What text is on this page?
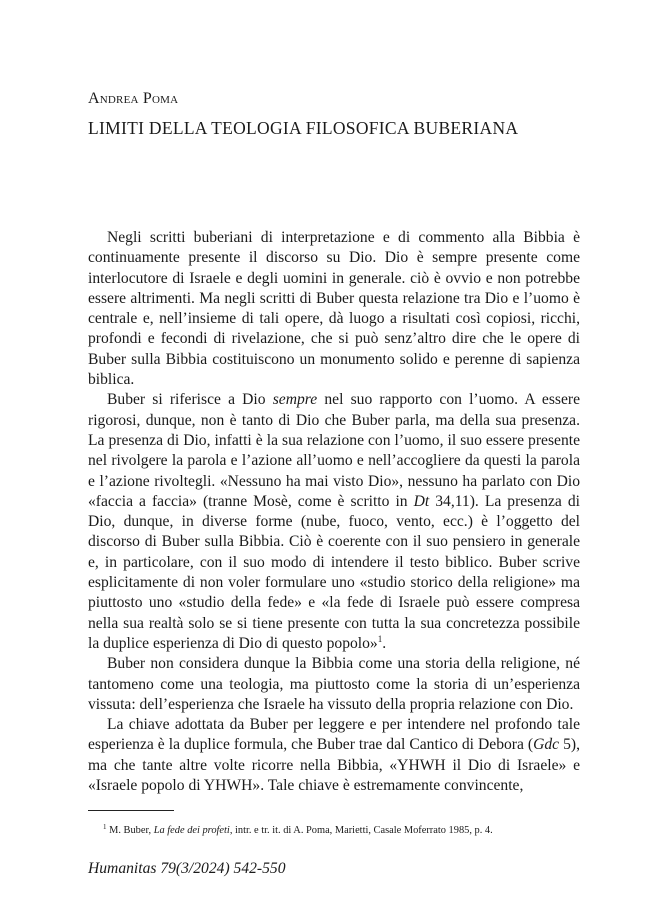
Andrea Poma
LIMITI DELLA TEOLOGIA FILOSOFICA BUBERIANA

Negli scritti buberiani di interpretazione e di commento alla Bibbia è continuamente presente il discorso su Dio. Dio è sempre presente come interlocutore di Israele e degli uomini in generale. ciò è ovvio e non potrebbe essere altrimenti. Ma negli scritti di Buber questa relazione tra Dio e l’uomo è centrale e, nell’insieme di tali opere, dà luogo a risultati così copiosi, ricchi, profondi e fecondi di rivelazione, che si può senz’altro dire che le opere di Buber sulla Bibbia costituiscono un monumento solido e perenne di sapienza biblica.

Buber si riferisce a Dio sempre nel suo rapporto con l’uomo. A essere rigorosi, dunque, non è tanto di Dio che Buber parla, ma della sua presenza. La presenza di Dio, infatti è la sua relazione con l’uomo, il suo essere presente nel rivolgere la parola e l’azione all’uomo e nell’accogliere da questi la parola e l’azione rivoltegli. «Nessuno ha mai visto Dio», nessuno ha parlato con Dio «faccia a faccia» (tranne Mosè, come è scritto in Dt 34,11). La presenza di Dio, dunque, in diverse forme (nube, fuoco, vento, ecc.) è l’oggetto del discorso di Buber sulla Bibbia. Ciò è coerente con il suo pensiero in generale e, in particolare, con il suo modo di intendere il testo biblico. Buber scrive esplicitamente di non voler formulare uno «studio storico della religione» ma piuttosto uno «studio della fede» e «la fede di Israele può essere compresa nella sua realtà solo se si tiene presente con tutta la sua concretezza possibile la duplice esperienza di Dio di questo popolo»$^1$.

Buber non considera dunque la Bibbia come una storia della religione, né tantomeno come una teologia, ma piuttosto come la storia di un’esperienza vissuta: dell’esperienza che Israele ha vissuto della propria relazione con Dio.

La chiave adottata da Buber per leggere e per intendere nel profondo tale esperienza è la duplice formula, che Buber trae dal Cantico di Debora (Gdc 5), ma che tante altre volte ricorre nella Bibbia, «YHWH il Dio di Israele» e «Israele popolo di YHWH». Tale chiave è estremamente convincente,

$^1$ M. Buber, La fede dei profeti, intr. e tr. it. di A. Poma, Marietti, Casale Moferrato 1985, p. 4.
Humanitas 79(3/2024) 542-550
